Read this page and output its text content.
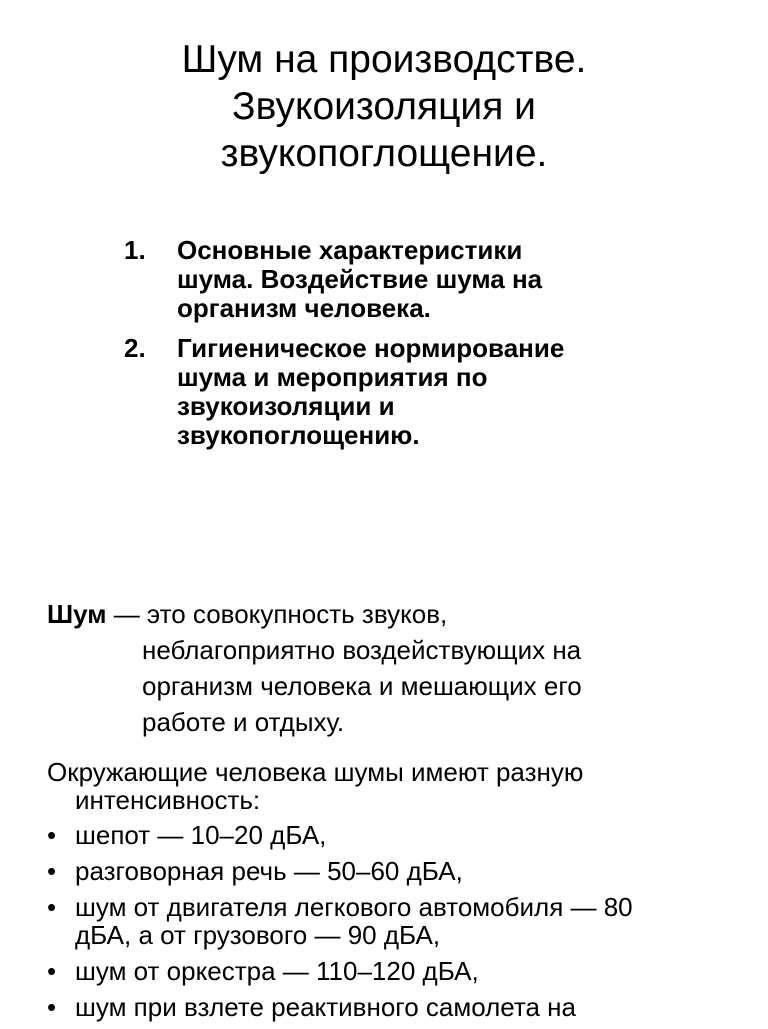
Шум на производстве.
Звукоизоляция и
звукопоглощение.
1. Основные характеристики
шума. Воздействие шума на
организм человека.
2. Гигиеническое нормирование
шума и мероприятия по
звукоизоляции и
звукопоглощению.

Шум — это совокупность звуков,
неблагоприятно воздействующих на
организм человека и мешающих его
работе и отдыху.

Окружающие человека шумы имеют разную
интенсивность:

• шепот — 10–20 дБА,
• разговорная речь — 50–60 дБА,
• шум от двигателя легкового автомобиля — 80
дБА, а от грузового — 90 дБА,
• шум от оркестра — 110–120 дБА,
• шум при взлете реактивного самолета на
